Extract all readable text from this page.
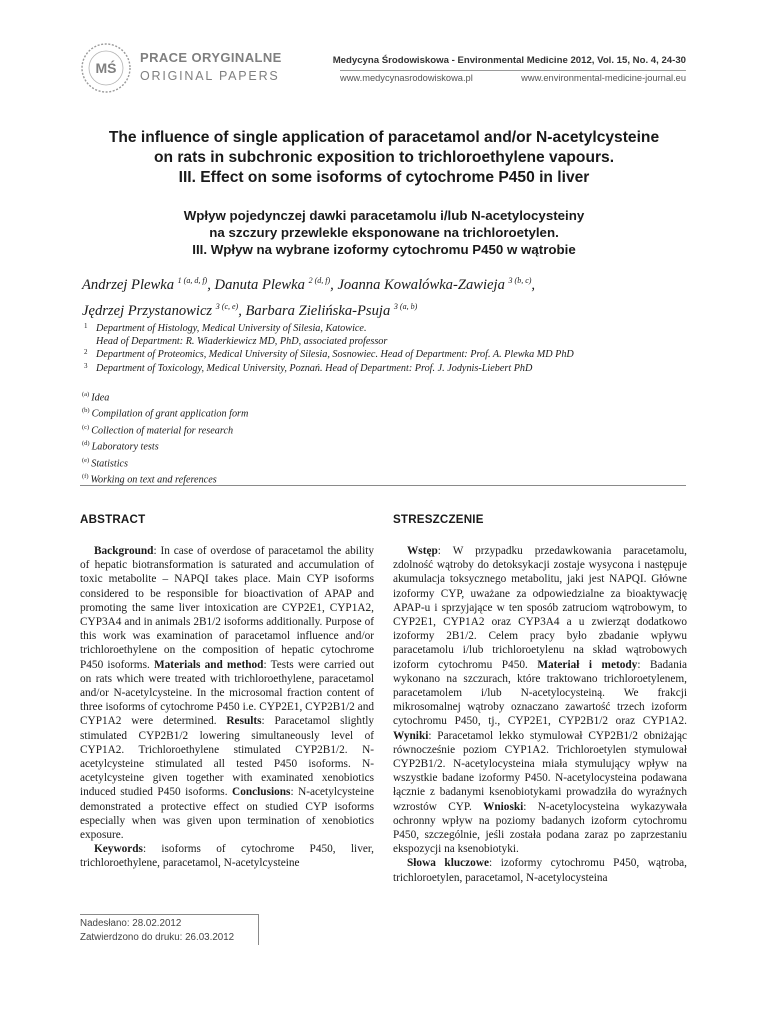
MŚ
PRACE ORYGINALNE
ORIGINAL PAPERS
Medycyna Środowiskowa - Environmental Medicine 2012, Vol. 15, No. 4, 24-30
www.medycynasrodowiskowa.pl	www.environmental-medicine-journal.eu
The influence of single application of paracetamol and/or N-acetylcysteine
on rats in subchronic exposition to trichloroethylene vapours.
III. Effect on some isoforms of cytochrome P450 in liver
Wpływ pojedynczej dawki paracetamolu i/lub N-acetylocysteiny
na szczury przewlekle eksponowane na trichloroetylen.
III. Wpływ na wybrane izoformy cytochromu P450 w wątrobie
Andrzej Plewka $^{1 (a, d, f)}$, Danuta Plewka $^{2 (d, f)}$, Joanna Kowalówka-Zawieja $^{3 (b, c)}$,
Jędrzej Przystanowicz $^{3 (c, e)}$, Barbara Zielińska-Psuja $^{3 (a, b)}$
1 Department of Histology, Medical University of Silesia, Katowice.
Head of Department: R. Wiaderkiewicz MD, PhD, associated professor
2 Department of Proteomics, Medical University of Silesia, Sosnowiec. Head of Department: Prof. A. Plewka MD PhD
3 Department of Toxicology, Medical University, Poznań. Head of Department: Prof. J. Jodynis-Liebert PhD
$^{(a)}$ Idea
$^{(b)}$ Compilation of grant application form
$^{(c)}$ Collection of material for research
$^{(d)}$ Laboratory tests
$^{(e)}$ Statistics
$^{(f)}$ Working on text and references
ABSTRACT

Background: In case of overdose of paracetamol the ability of hepatic biotransformation is saturated and accumulation of toxic metabolite – NAPQI takes place. Main CYP isoforms considered to be responsible for bioactivation of APAP and promoting the same liver intoxication are CYP2E1, CYP1A2, CYP3A4 and in animals 2B1/2 isoforms additionally. Purpose of this work was examination of paracetamol influence and/or trichloroethylene on the composition of hepatic cytochrome P450 isoforms. Materials and method: Tests were carried out on rats which were treated with trichloroethylene, paracetamol and/or N-acetylcysteine. In the microsomal fraction content of three isoforms of cytochrome P450 i.e. CYP2E1, CYP2B1/2 and CYP1A2 were determined. Results: Paracetamol slightly stimulated CYP2B1/2 lowering simultaneously level of CYP1A2. Trichloroethylene stimulated CYP2B1/2. N-acetylcysteine stimulated all tested P450 isoforms. N-acetylcysteine given together with examinated xenobiotics induced studied P450 isoforms. Conclusions: N-acetylcysteine demonstrated a protective effect on studied CYP isoforms especially when was given upon termination of xenobiotics exposure.

Keywords: isoforms of cytochrome P450, liver, trichloroethylene, paracetamol, N-acetylcysteine

STRESZCZENIE

Wstęp: W przypadku przedawkowania paracetamolu, zdolność wątroby do detoksykacji zostaje wysycona i następuje akumulacja toksycznego metabolitu, jaki jest NAPQI. Główne izoformy CYP, uważane za odpowiedzialne za bioaktywację APAP-u i sprzyjające w ten sposób zatruciom wątrobowym, to CYP2E1, CYP1A2 oraz CYP3A4 a u zwierząt dodatkowo izoformy 2B1/2. Celem pracy było zbadanie wpływu paracetamolu i/lub trichloroetylenu na skład wątrobowych izoform cytochromu P450. Materiał i metody: Badania wykonano na szczurach, które traktowano trichloroetylenem, paracetamolem i/lub N-acetylocysteiną. We frakcji mikrosomalnej wątroby oznaczano zawartość trzech izoform cytochromu P450, tj., CYP2E1, CYP2B1/2 oraz CYP1A2. Wyniki: Paracetamol lekko stymulował CYP2B1/2 obniżając równocześnie poziom CYP1A2. Trichloroetylen stymulował CYP2B1/2. N-acetylocysteina miała stymulujący wpływ na wszystkie badane izoformy P450. N-acetylocysteina podawana łącznie z badanymi ksenobiotykami prowadziła do wyraźnych wzrostów CYP. Wnioski: N-acetylocysteina wykazywała ochronny wpływ na poziomy badanych izoform cytochromu P450, szczególnie, jeśli została podana zaraz po zaprzestaniu ekspozycji na ksenobiotyki.

Słowa kluczowe: izoformy cytochromu P450, wątroba, trichloroetylen, paracetamol, N-acetylocysteina

Nadesłano: 28.02.2012
Zatwierdzono do druku: 26.03.2012
